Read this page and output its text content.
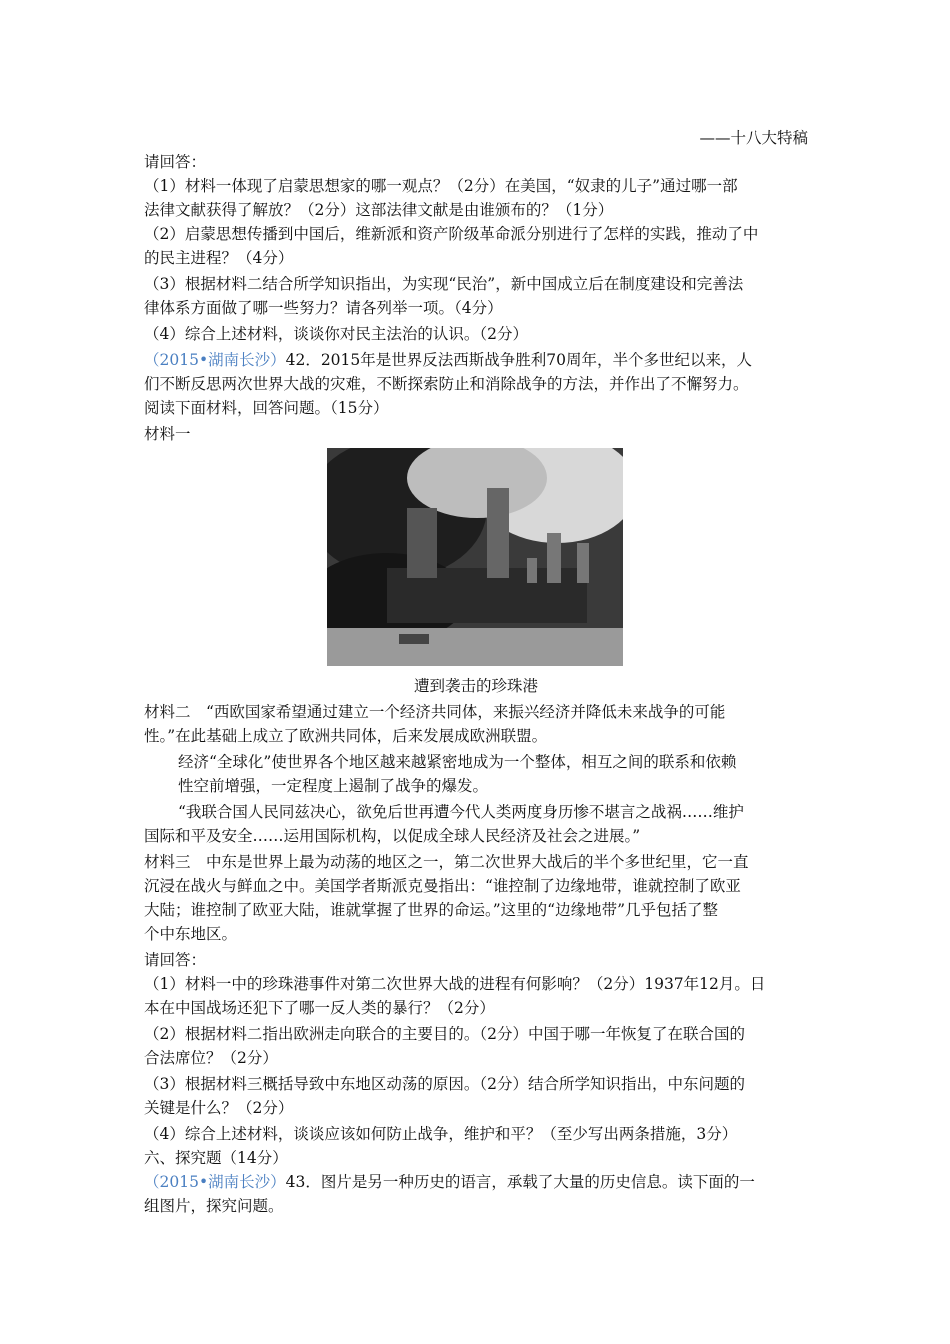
——十八大特稿
请回答：
（1）材料一体现了启蒙思想家的哪一观点？（2分）在美国，“奴隶的儿子”通过哪一部
法律文献获得了解放？（2分）这部法律文献是由谁颁布的？（1分）
（2）启蒙思想传播到中国后，维新派和资产阶级革命派分别进行了怎样的实践，推动了中
的民主进程？（4分）
（3）根据材料二结合所学知识指出，为实现“民治”，新中国成立后在制度建设和完善法
律体系方面做了哪一些努力？请各列举一项。（4分）
（4）综合上述材料，谈谈你对民主法治的认识。（2分）
（2015•湖南长沙）42．2015年是世界反法西斯战争胜利70周年，半个多世纪以来，人
们不断反思两次世界大战的灾难，不断探索防止和消除战争的方法，并作出了不懈努力。
阅读下面材料，回答问题。（15分）
材料一
遭到袭击的珍珠港
材料二　“西欧国家希望通过建立一个经济共同体，来振兴经济并降低未来战争的可能
性。”在此基础上成立了欧洲共同体，后来发展成欧洲联盟。
经济“全球化”使世界各个地区越来越紧密地成为一个整体，相互之间的联系和依赖
性空前增强，一定程度上遏制了战争的爆发。
“我联合国人民同兹决心，欲免后世再遭今代人类两度身历惨不堪言之战祸……维护
国际和平及安全……运用国际机构，以促成全球人民经济及社会之进展。”
材料三　中东是世界上最为动荡的地区之一，第二次世界大战后的半个多世纪里，它一直
沉浸在战火与鲜血之中。美国学者斯派克曼指出：“谁控制了边缘地带，谁就控制了欧亚
大陆；谁控制了欧亚大陆，谁就掌握了世界的命运。”这里的“边缘地带”几乎包括了整
个中东地区。
请回答：
（1）材料一中的珍珠港事件对第二次世界大战的进程有何影响？（2分）1937年12月。日
本在中国战场还犯下了哪一反人类的暴行？（2分）
（2）根据材料二指出欧洲走向联合的主要目的。（2分）中国于哪一年恢复了在联合国的
合法席位？（2分）
（3）根据材料三概括导致中东地区动荡的原因。（2分）结合所学知识指出，中东问题的
关键是什么？（2分）
（4）综合上述材料，谈谈应该如何防止战争，维护和平？（至少写出两条措施，3分）
六、探究题（14分）
（2015•湖南长沙）43．图片是另一种历史的语言，承载了大量的历史信息。读下面的一
组图片，探究问题。
